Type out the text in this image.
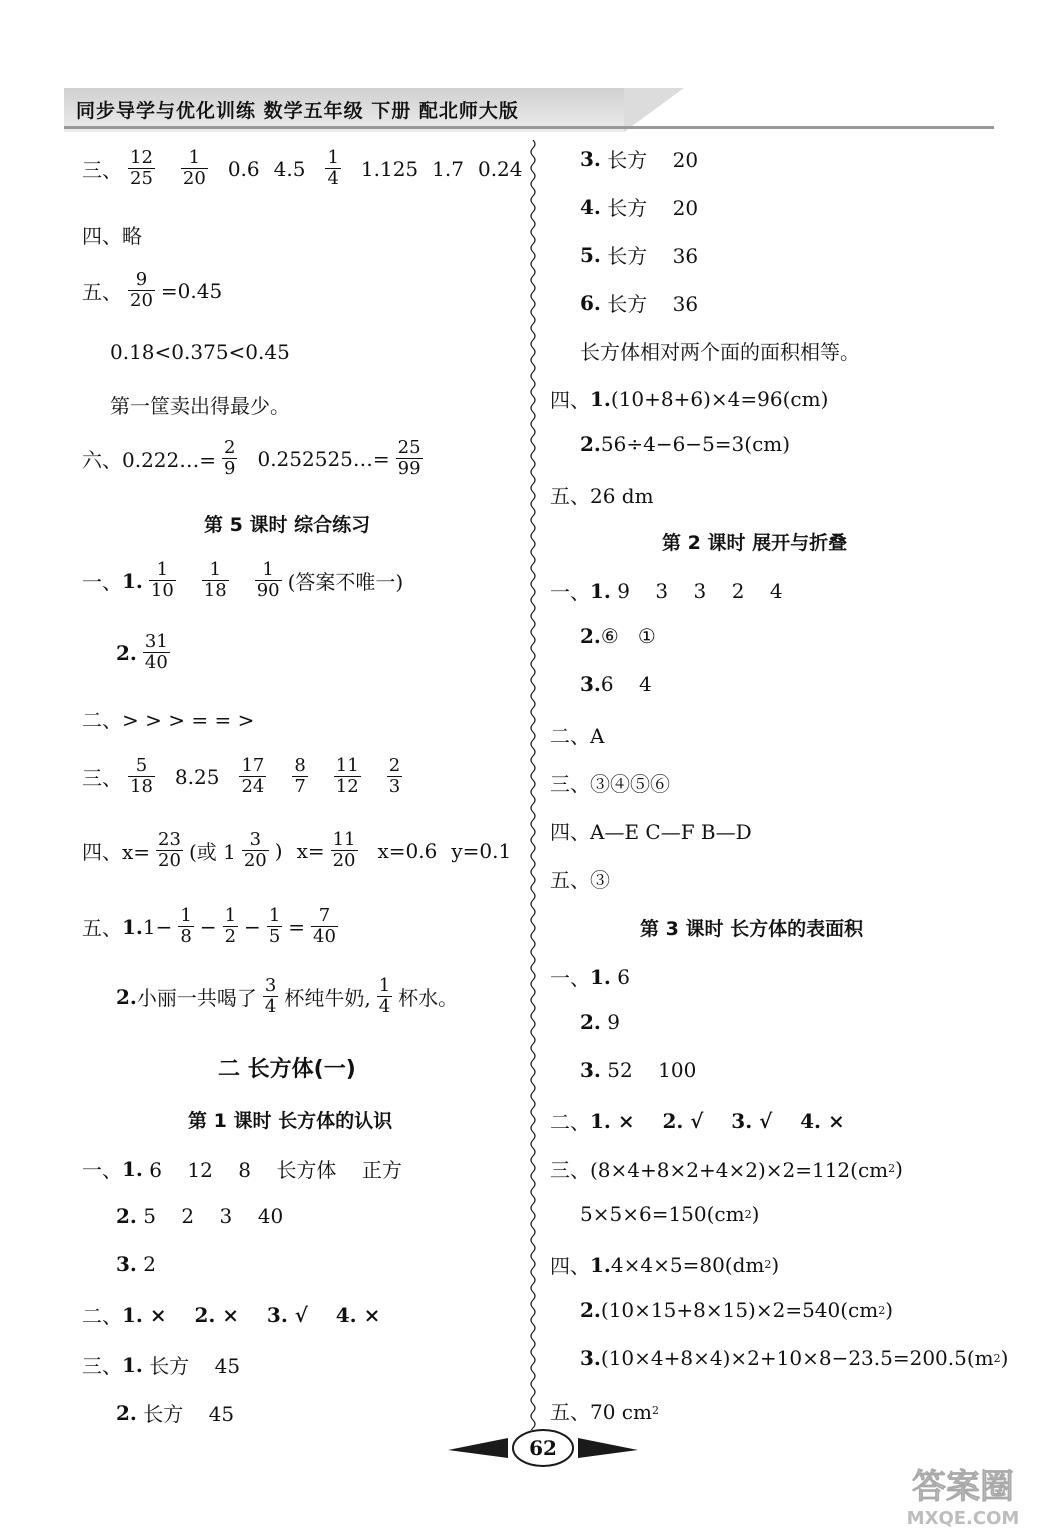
同步导学与优化训练 数学五年级 下册 配北师大版
三、 $\frac{12}{25} \frac{1}{20} 0.6$ $4.5 \frac{1}{4} 1.125$ 1.7 0.24
四、略
五、 $\frac{9}{20} =0.45$
0.18<0.375<0.45
第一筐卖出得最少。
六、0.222…= $\frac{2}{9}$ 0.252525…= $\frac{25}{99}$
第 5 课时 综合练习
一、 1. $\frac{1}{10} \frac{1}{18} \frac{1}{90}$ (答案不唯一)
2. $\frac{31}{40}$
二、> > > = = >
三、 $\frac{5}{18} 8.25 \frac{17}{24} \frac{8}{7} \frac{11}{12} \frac{2}{3}$
四、$x= \frac{23}{20}$ (或 $1 \frac{3}{20}$ ) $x= \frac{11}{20} x=0.6$ y=0.1
五、 1. $1- \frac{1}{8} - \frac{1}{2} - \frac{1}{5} = \frac{7}{40}$
2. 小丽一共喝了 $\frac{3}{4}$ 杯纯牛奶, $\frac{1}{4}$ 杯水。
二 长方体(一)
第 1 课时 长方体的认识
一、 1.
6    12    8    长方体    正方
2.
5    2    3    40
3.
2
二、 1. ×    2. ×    3. √    4. ×
三、 1.
长方    45
2.
长方    45
3.
长方    20
4.
长方    20
5.
长方    36
6.
长方    36
长方体相对两个面的面积相等。
四、 1. (10+8+6)×4=96(cm)
2. 56÷4−6−5=3(cm)
五、26 dm
第 2 课时 展开与折叠
一、 1.
9    3    3    2    4
2. ⑥   ①
3. 6    4
二、A
三、③④⑤⑥
四、A—E C—F B—D
五、③
第 3 课时 长方体的表面积
一、 1.
6
2.
9
3.
52    100
二、 1. ×    2. √    3. √    4. ×
三、(8×4+8×2+4×2)×2=112(cm 2 )
5×5×6=150(cm 2 )
四、 1. 4×4×5=80(dm 2 )
2. (10×15+8×15)×2=540(cm 2 )
3. (10×4+8×4)×2+10×8−23.5=200.5(m 2 )
五、70 cm 2
62
答案圈
MXQE.COM
